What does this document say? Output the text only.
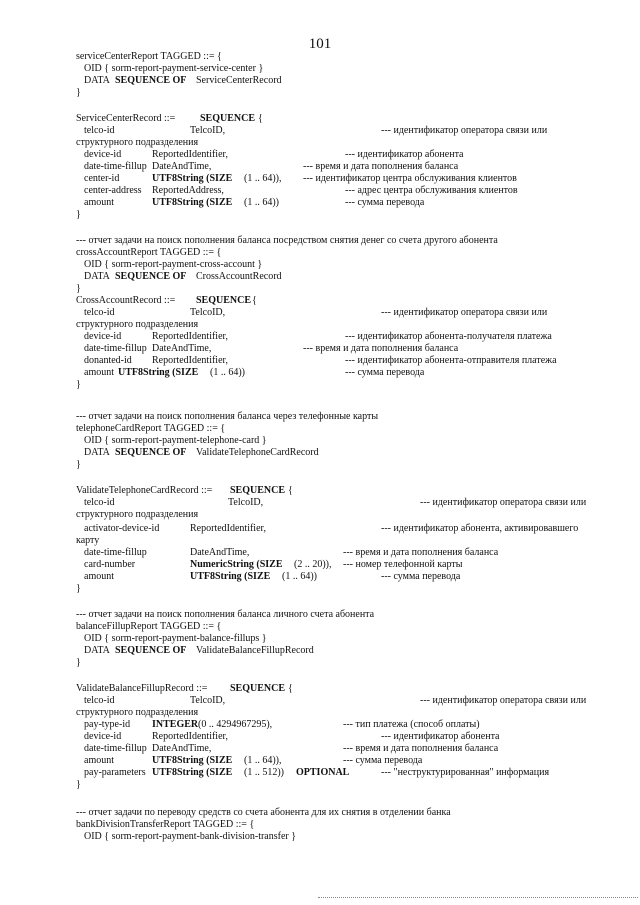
101
serviceCenterReport TAGGED ::= {
OID { sorm-report-payment-service-center }
DATA SEQUENCE OF ServiceCenterRecord
}
ServiceCenterRecord ::= SEQUENCE {
telco-id	TelcoID,	--- идентификатор оператора связи или
структурного подразделения
device-id	ReportedIdentifier,	--- идентификатор абонента
date-time-fillup DateAndTime,	--- время и дата пополнения баланса
center-id	UTF8String (SIZE (1 .. 64)), --- идентификатор центра обслуживания клиентов
center-address ReportedAddress,	--- адрес центра обслуживания клиентов
amount	UTF8String (SIZE (1 .. 64))	--- сумма перевода
}
--- отчет задачи на поиск пополнения баланса посредством снятия денег со счета другого абонента
crossAccountReport TAGGED ::= {
OID { sorm-report-payment-cross-account }
DATA SEQUENCE OF CrossAccountRecord
}
CrossAccountRecord ::= SEQUENCE {
telco-id	TelcoID,	--- идентификатор оператора связи или
структурного подразделения
device-id	ReportedIdentifier,	--- идентификатор абонента-получателя платежа
date-time-fillup DateAndTime,	--- время и дата пополнения баланса
donanted-id ReportedIdentifier,	--- идентификатор абонента-отправителя платежа
amount UTF8String (SIZE (1 .. 64))	--- сумма перевода
}
--- отчет задачи на поиск пополнения баланса через телефонные карты
telephoneCardReport TAGGED ::= {
OID { sorm-report-payment-telephone-card }
DATA SEQUENCE OF ValidateTelephoneCardRecord
}
ValidateTelephoneCardRecord ::= SEQUENCE {
telco-id	TelcoID,	--- идентификатор оператора связи или
структурного подразделения
activator-device-id	ReportedIdentifier,	--- идентификатор абонента, активировавшего
карту
date-time-fillup	DateAndTime,	--- время и дата пополнения баланса
card-number	NumericString (SIZE (2 .. 20)), --- номер телефонной карты
amount	UTF8String (SIZE (1 .. 64))	--- сумма перевода
}
--- отчет задачи на поиск пополнения баланса личного счета абонента
balanceFillupReport TAGGED ::= {
OID { sorm-report-payment-balance-fillups }
DATA SEQUENCE OF ValidateBalanceFillupRecord
}
ValidateBalanceFillupRecord ::= SEQUENCE {
telco-id	TelcoID,	--- идентификатор оператора связи или
структурного подразделения
pay-type-id INTEGER (0 .. 4294967295),	--- тип платежа (способ оплаты)
device-id	ReportedIdentifier,	--- идентификатор абонента
date-time-fillup DateAndTime,	--- время и дата пополнения баланса
amount	UTF8String (SIZE (1 .. 64)),	--- сумма перевода
pay-parameters UTF8String (SIZE (1 .. 512)) OPTIONAL	--- "неструктурированная" информация
}
--- отчет задачи по переводу средств со счета абонента для их снятия в отделении банка
bankDivisionTransferReport TAGGED ::= {
OID { sorm-report-payment-bank-division-transfer }
